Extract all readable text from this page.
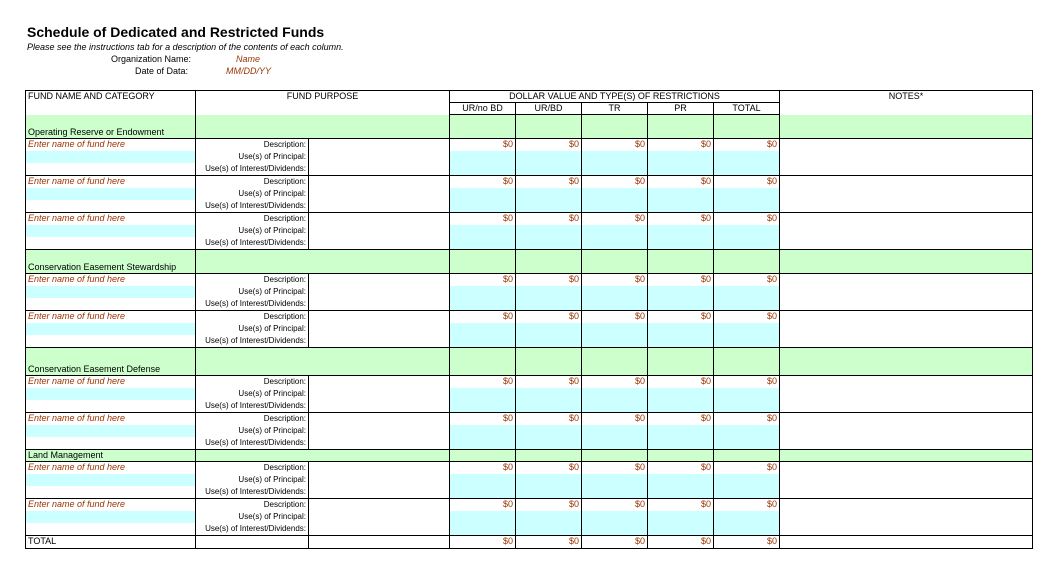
Schedule of Dedicated and Restricted Funds
Please see the instructions tab for a description of the contents of each column.
Organization Name:	Name
Date of Data:	MM/DD/YY
FUND NAME AND CATEGORY	FUND PURPOSE		DOLLAR VALUE AND TYPE(S) OF RESTRICTIONS					NOTES*
			UR/no BD	UR/BD	TR	PR	TOTAL	
Operating Reserve or Endowment								
Enter name of fund here	Description:		$0	$0	$0	$0	$0	
	Use(s) of Principal:							
	Use(s) of Interest/Dividends:							
Enter name of fund here	Description:		$0	$0	$0	$0	$0	
	Use(s) of Principal:							
	Use(s) of Interest/Dividends:							
Enter name of fund here	Description:		$0	$0	$0	$0	$0	
	Use(s) of Principal:							
	Use(s) of Interest/Dividends:							
Conservation Easement Stewardship								
Enter name of fund here	Description:		$0	$0	$0	$0	$0	
	Use(s) of Principal:							
	Use(s) of Interest/Dividends:							
Enter name of fund here	Description:		$0	$0	$0	$0	$0	
	Use(s) of Principal:							
	Use(s) of Interest/Dividends:							
Conservation Easement Defense								
Enter name of fund here	Description:		$0	$0	$0	$0	$0	
	Use(s) of Principal:							
	Use(s) of Interest/Dividends:							
Enter name of fund here	Description:		$0	$0	$0	$0	$0	
	Use(s) of Principal:							
	Use(s) of Interest/Dividends:							
Land Management								
Enter name of fund here	Description:		$0	$0	$0	$0	$0	
	Use(s) of Principal:							
	Use(s) of Interest/Dividends:							
Enter name of fund here	Description:		$0	$0	$0	$0	$0	
	Use(s) of Principal:							
	Use(s) of Interest/Dividends:							
TOTAL			$0	$0	$0	$0	$0	
